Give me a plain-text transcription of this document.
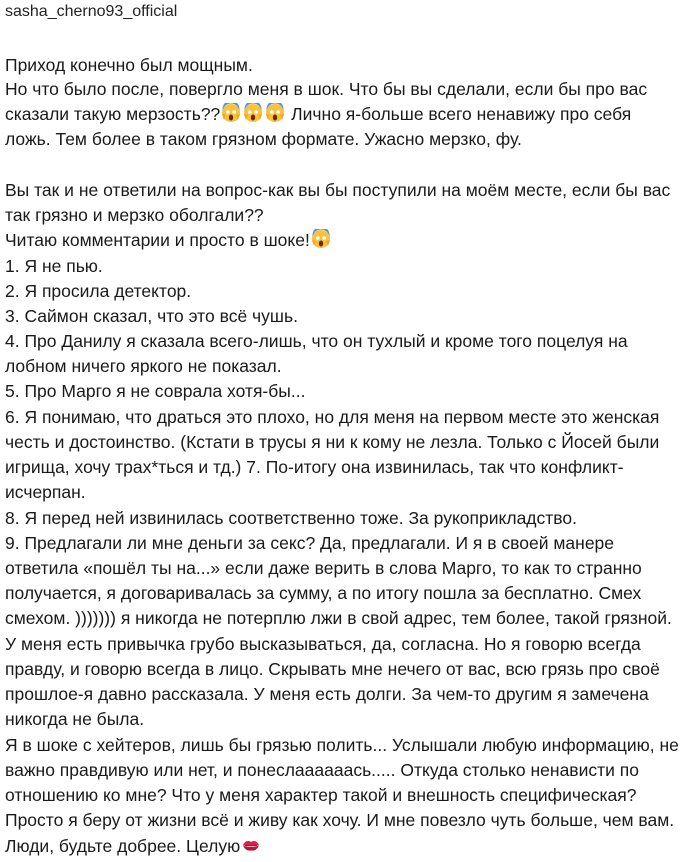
sasha_cherno93_official
Приход конечно был мощным.
Но что было после, повергло меня в шок. Что бы вы сделали, если бы про вас
сказали такую мерзость??	Лично я-больше всего ненавижу про себя
ложь. Тем более в таком грязном формате. Ужасно мерзко, фу.
Вы так и не ответили на вопрос-как вы бы поступили на моём месте, если бы вас
так грязно и мерзко оболгали??
Читаю комментарии и просто в шоке!
1. Я не пью.
2. Я просила детектор.
3. Саймон сказал, что это всё чушь.
4. Про Данилу я сказала всего-лишь, что он тухлый и кроме того поцелуя на
лобном ничего яркого не показал.
5. Про Марго я не соврала хотя-бы...
6. Я понимаю, что драться это плохо, но для меня на первом месте это женская
честь и достоинство. (Кстати в трусы я ни к кому не лезла. Только с Йосей были
игрища, хочу трах*ться и тд.) 7. По-итогу она извинилась, так что конфликт-
исчерпан.
8. Я перед ней извинилась соответственно тоже. За рукоприкладство.
9. Предлагали ли мне деньги за секс? Да, предлагали. И я в своей манере
ответила «пошёл ты на...» если даже верить в слова Марго, то как то странно
получается, я договаривалась за сумму, а по итогу пошла за бесплатно. Смех
смехом. ))))))) я никогда не потерплю лжи в свой адрес, тем более, такой грязной.
У меня есть привычка грубо высказываться, да, согласна. Но я говорю всегда
правду, и говорю всегда в лицо. Скрывать мне нечего от вас, всю грязь про своё
прошлое-я давно рассказала. У меня есть долги. За чем-то другим я замечена
никогда не была.
Я в шоке с хейтеров, лишь бы грязью полить... Услышали любую информацию, не
важно правдивую или нет, и понеслаааааась..... Откуда столько ненависти по
отношению ко мне? Что у меня характер такой и внешность специфическая?
Просто я беру от жизни всё и живу как хочу. И мне повезло чуть больше, чем вам.
Люди, будьте добрее. Целую
